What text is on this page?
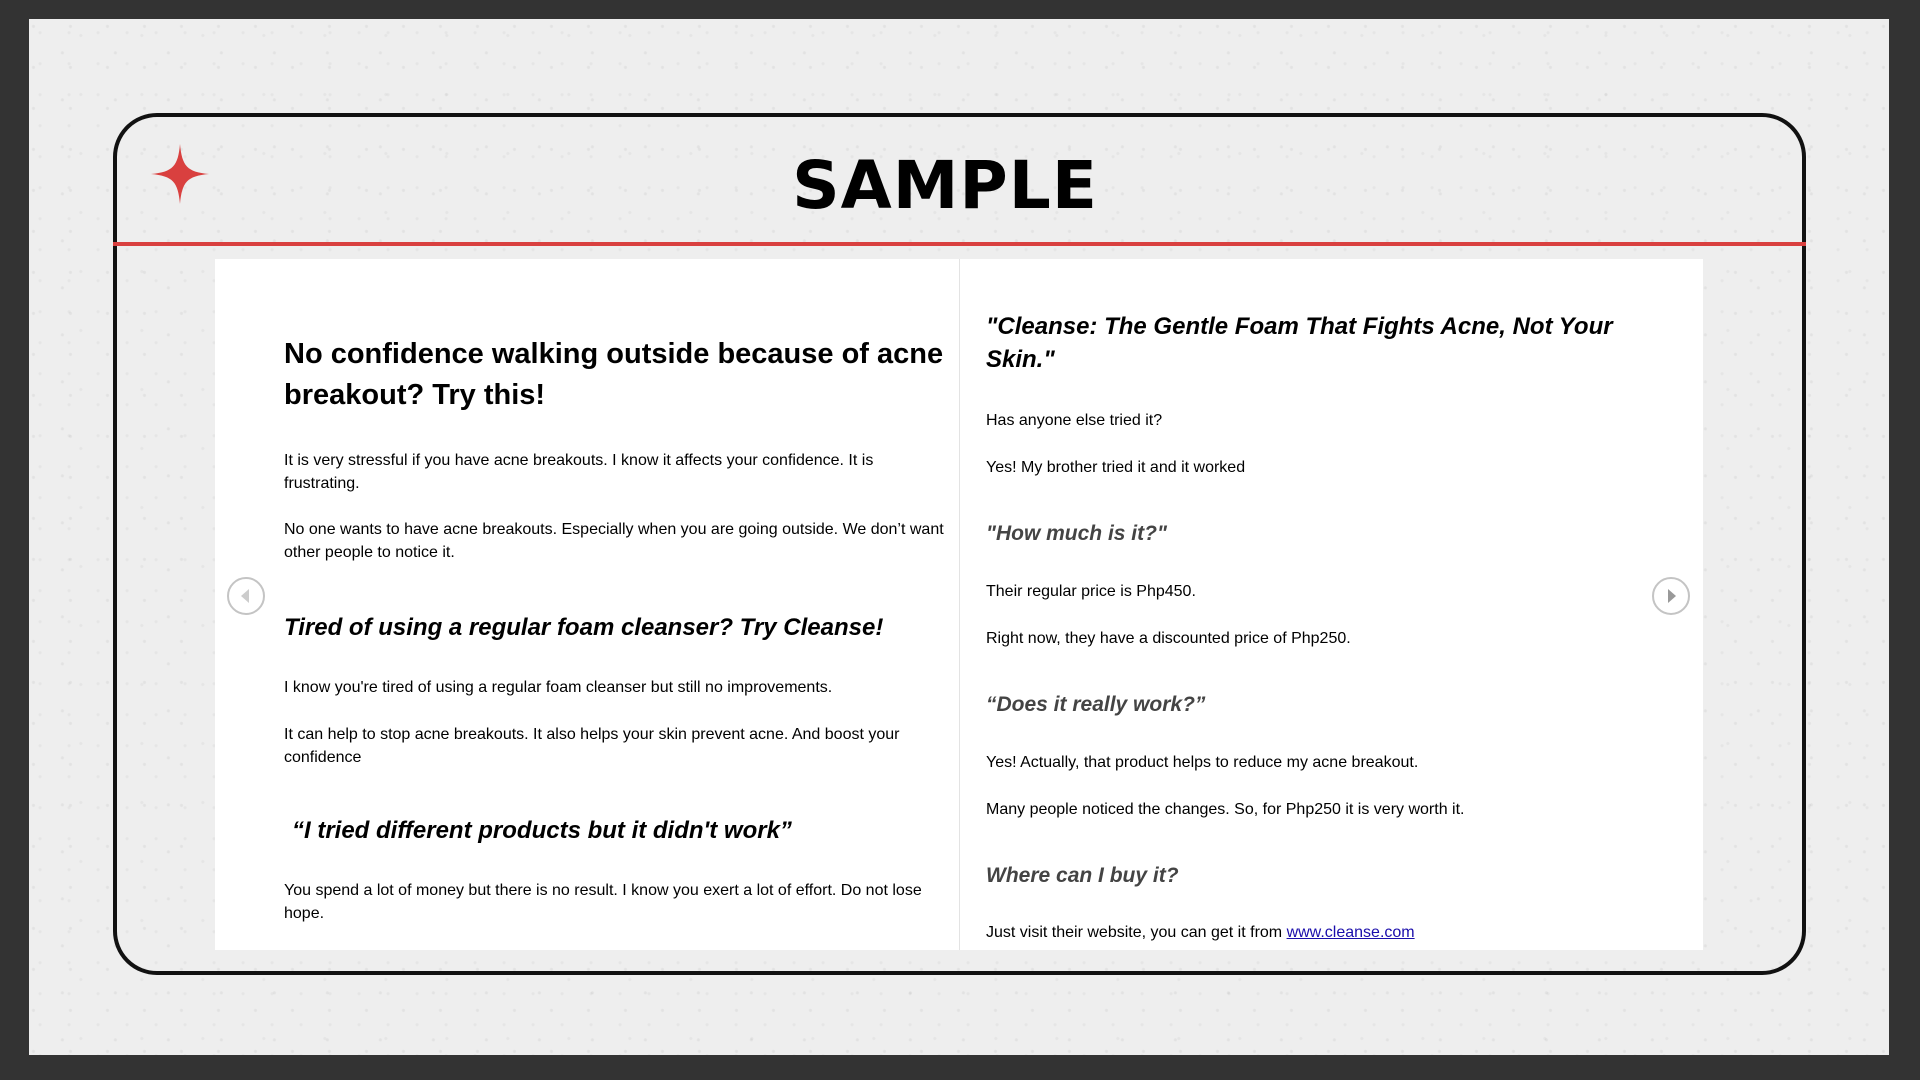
SAMPLE

No confidence walking outside because of acne breakout? Try this!

It is very stressful if you have acne breakouts. I know it affects your confidence. It is frustrating.

No one wants to have acne breakouts. Especially when you are going outside. We don’t want other people to notice it.

Tired of using a regular foam cleanser? Try Cleanse!

I know you're tired of using a regular foam cleanser but still no improvements.

It can help to stop acne breakouts. It also helps your skin prevent acne. And boost your confidence

“I tried different products but it didn't work”

You spend a lot of money but there is no result. I know you exert a lot of effort. Do not lose hope.

"Cleanse: The Gentle Foam That Fights Acne, Not Your Skin."

Has anyone else tried it?

Yes! My brother tried it and it worked

"How much is it?"

Their regular price is Php450.

Right now, they have a discounted price of Php250.

“Does it really work?”

Yes! Actually, that product helps to reduce my acne breakout.

Many people noticed the changes. So, for Php250 it is very worth it.

Where can I buy it?

Just visit their website, you can get it from www.cleanse.com
